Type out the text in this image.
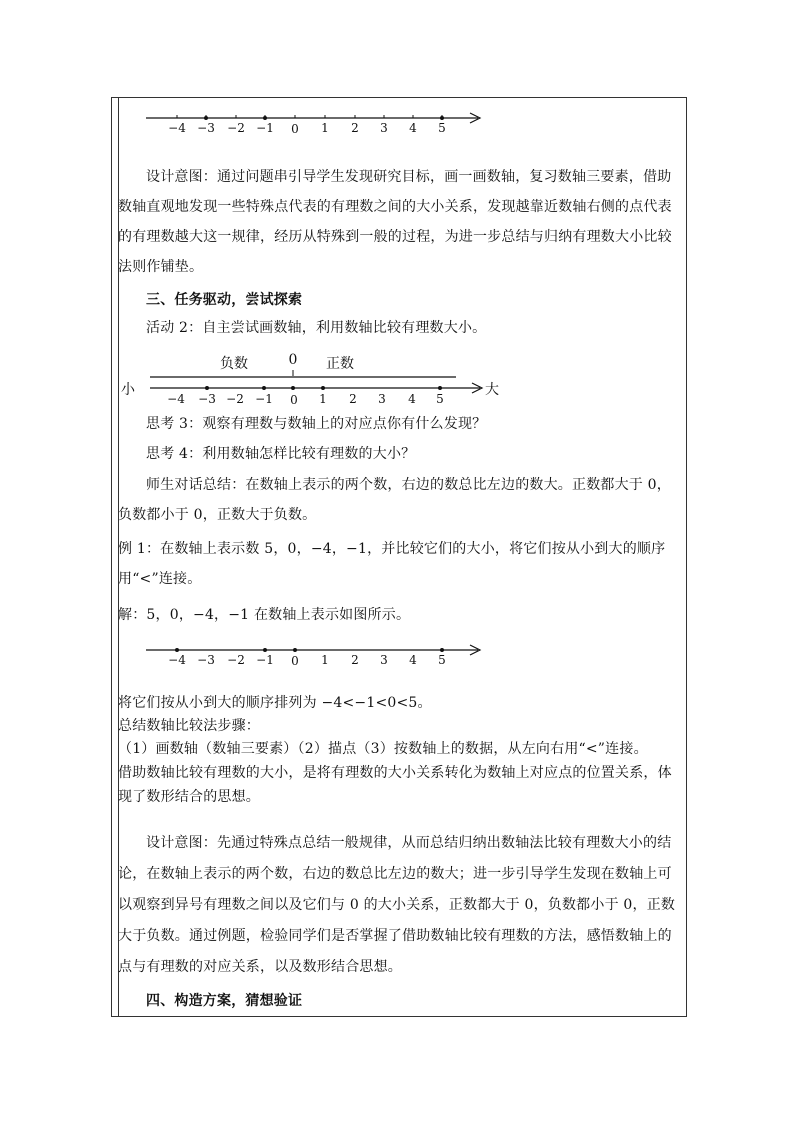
−4 −3 −2 −1 0 1 2 3 4 5

设计意图：通过问题串引导学生发现研究目标，画一画数轴，复习数轴三要素，借助数轴直观地发现一些特殊点代表的有理数之间的大小关系，发现越靠近数轴右侧的点代表的有理数越大这一规律，经历从特殊到一般的过程，为进一步总结与归纳有理数大小比较法则作铺垫。

三、任务驱动，尝试探索

活动 2：自主尝试画数轴，利用数轴比较有理数大小。

负数	0 正数
小	大
−4 −3 −2 −1 0 1 2 3 4 5

思考 3：观察有理数与数轴上的对应点你有什么发现？

思考 4：利用数轴怎样比较有理数的大小？

师生对话总结：在数轴上表示的两个数，右边的数总比左边的数大。正数都大于 0，负数都小于 0，正数大于负数。

例 1：在数轴上表示数 5，0，−4，−1，并比较它们的大小，将它们按从小到大的顺序用“<”连接。

解：5，0，−4，−1 在数轴上表示如图所示。

−4 −3 −2 −1 0 1 2 3 4 5

将它们按从小到大的顺序排列为 −4<−1<0<5。

总结数轴比较法步骤：

（1）画数轴（数轴三要素）（2）描点（3）按数轴上的数据，从左向右用“<”连接。

借助数轴比较有理数的大小，是将有理数的大小关系转化为数轴上对应点的位置关系，体现了数形结合的思想。

设计意图：先通过特殊点总结一般规律，从而总结归纳出数轴法比较有理数大小的结论，在数轴上表示的两个数，右边的数总比左边的数大；进一步引导学生发现在数轴上可以观察到异号有理数之间以及它们与 0 的大小关系，正数都大于 0，负数都小于 0，正数大于负数。通过例题，检验同学们是否掌握了借助数轴比较有理数的方法，感悟数轴上的点与有理数的对应关系，以及数形结合思想。

四、构造方案，猜想验证
